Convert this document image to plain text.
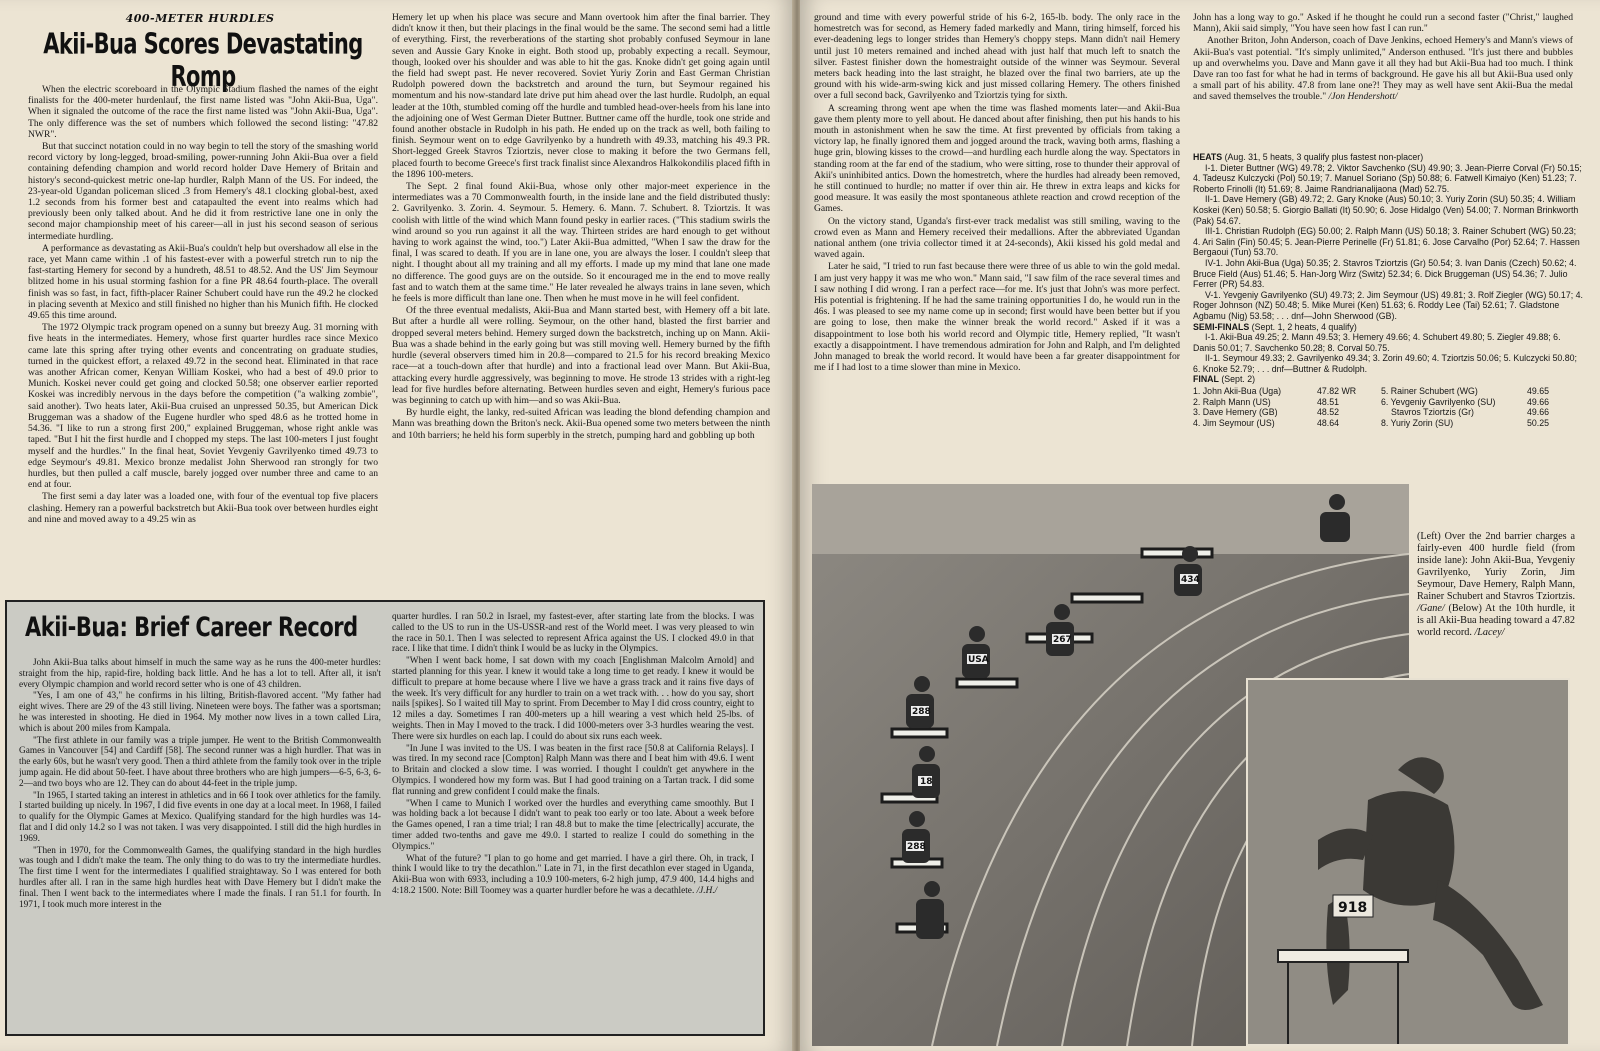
400-METER HURDLES
Akii-Bua Scores Devastating Romp

When the electric scoreboard in the Olympic Stadium flashed the names of the eight finalists for the 400-meter hurdenlauf, the first name listed was "John Akii-Bua, Uga". When it signaled the outcome of the race the first name listed was "John Akii-Bua, Uga". The only difference was the set of numbers which followed the second listing: "47.82 NWR".

But that succinct notation could in no way begin to tell the story of the smashing world record victory by long-legged, broad-smiling, power-running John Akii-Bua over a field containing defending champion and world record holder Dave Hemery of Britain and history's second-quickest metric one-lap hurdler, Ralph Mann of the US. For indeed, the 23-year-old Ugandan policeman sliced .3 from Hemery's 48.1 clocking global-best, axed 1.2 seconds from his former best and catapaulted the event into realms which had previously been only talked about. And he did it from restrictive lane one in only the second major championship meet of his career—all in just his second season of serious intermediate hurdling.

A performance as devastating as Akii-Bua's couldn't help but overshadow all else in the race, yet Mann came within .1 of his fastest-ever with a powerful stretch run to nip the fast-starting Hemery for second by a hundreth, 48.51 to 48.52. And the US' Jim Seymour blitzed home in his usual storming fashion for a fine PR 48.64 fourth-place. The overall finish was so fast, in fact, fifth-placer Rainer Schubert could have run the 49.2 he clocked in placing seventh at Mexico and still finished no higher than his Munich fifth. He clocked 49.65 this time around.

The 1972 Olympic track program opened on a sunny but breezy Aug. 31 morning with five heats in the intermediates. Hemery, whose first quarter hurdles race since Mexico came late this spring after trying other events and concentrating on graduate studies, turned in the quickest effort, a relaxed 49.72 in the second heat. Eliminated in that race was another African comer, Kenyan William Koskei, who had a best of 49.0 prior to Munich. Koskei never could get going and clocked 50.58; one observer earlier reported Koskei was incredibly nervous in the days before the competition ("a walking zombie", said another). Two heats later, Akii-Bua cruised an unpressed 50.35, but American Dick Bruggeman was a shadow of the Eugene hurdler who sped 48.6 as he trotted home in 54.36. "I like to run a strong first 200," explained Bruggeman, whose right ankle was taped. "But I hit the first hurdle and I chopped my steps. The last 100-meters I just fought myself and the hurdles." In the final heat, Soviet Yevgeniy Gavrilyenko timed 49.73 to edge Seymour's 49.81. Mexico bronze medalist John Sherwood ran strongly for two hurdles, but then pulled a calf muscle, barely jogged over number three and came to an end at four.

The first semi a day later was a loaded one, with four of the eventual top five placers clashing. Hemery ran a powerful backstretch but Akii-Bua took over between hurdles eight and nine and moved away to a 49.25 win as

Hemery let up when his place was secure and Mann overtook him after the final barrier. They didn't know it then, but their placings in the final would be the same. The second semi had a little of everything. First, the reverberations of the starting shot probably confused Seymour in lane seven and Aussie Gary Knoke in eight. Both stood up, probably expecting a recall. Seymour, though, looked over his shoulder and was able to hit the gas. Knoke didn't get going again until the field had swept past. He never recovered. Soviet Yuriy Zorin and East German Christian Rudolph powered down the backstretch and around the turn, but Seymour regained his momentum and his now-standard late drive put him ahead over the last hurdle. Rudolph, an equal leader at the 10th, stumbled coming off the hurdle and tumbled head-over-heels from his lane into the adjoining one of West German Dieter Buttner. Buttner came off the hurdle, took one stride and found another obstacle in Rudolph in his path. He ended up on the track as well, both failing to finish. Seymour went on to edge Gavrilyenko by a hundreth with 49.33, matching his 49.3 PR. Short-legged Greek Stavros Tziortzis, never close to making it before the two Germans fell, placed fourth to become Greece's first track finalist since Alexandros Halkokondilis placed fifth in the 1896 100-meters.

The Sept. 2 final found Akii-Bua, whose only other major-meet experience in the intermediates was a 70 Commonwealth fourth, in the inside lane and the field distributed thusly: 2. Gavrilyenko. 3. Zorin. 4. Seymour. 5. Hemery. 6. Mann. 7. Schubert. 8. Tziortzis. It was coolish with little of the wind which Mann found pesky in earlier races. ("This stadium swirls the wind around so you run against it all the way. Thirteen strides are hard enough to get without having to work against the wind, too.") Later Akii-Bua admitted, "When I saw the draw for the final, I was scared to death. If you are in lane one, you are always the loser. I couldn't sleep that night. I thought about all my training and all my efforts. I made up my mind that lane one made no difference. The good guys are on the outside. So it encouraged me in the end to move really fast and to watch them at the same time." He later revealed he always trains in lane seven, which he feels is more difficult than lane one. Then when he must move in he will feel confident.

Of the three eventual medalists, Akii-Bua and Mann started best, with Hemery off a bit late. But after a hurdle all were rolling. Seymour, on the other hand, blasted the first barrier and dropped several meters behind. Hemery surged down the backstretch, inching up on Mann. Akii-Bua was a shade behind in the early going but was still moving well. Hemery burned by the fifth hurdle (several observers timed him in 20.8—compared to 21.5 for his record breaking Mexico race—at a touch-down after that hurdle) and into a fractional lead over Mann. But Akii-Bua, attacking every hurdle aggressively, was beginning to move. He strode 13 strides with a right-leg lead for five hurdles before alternating. Between hurdles seven and eight, Hemery's furious pace was beginning to catch up with him—and so was Akii-Bua.

By hurdle eight, the lanky, red-suited African was leading the blond defending champion and Mann was breathing down the Briton's neck. Akii-Bua opened some two meters between the ninth and 10th barriers; he held his form superbly in the stretch, pumping hard and gobbling up both

Akii-Bua: Brief Career Record

John Akii-Bua talks about himself in much the same way as he runs the 400-meter hurdles: straight from the hip, rapid-fire, holding back little. And he has a lot to tell. After all, it isn't every Olympic champion and world record setter who is one of 43 children.

"Yes, I am one of 43," he confirms in his lilting, British-flavored accent. "My father had eight wives. There are 29 of the 43 still living. Nineteen were boys. The father was a sportsman; he was interested in shooting. He died in 1964. My mother now lives in a town called Lira, which is about 200 miles from Kampala.

"The first athlete in our family was a triple jumper. He went to the British Commonwealth Games in Vancouver [54] and Cardiff [58]. The second runner was a high hurdler. That was in the early 60s, but he wasn't very good. Then a third athlete from the family took over in the triple jump again. He did about 50-feet. I have about three brothers who are high jumpers—6-5, 6-3, 6-2—and two boys who are 12. They can do about 44-feet in the triple jump.

"In 1965, I started taking an interest in athletics and in 66 I took over athletics for the family. I started building up nicely. In 1967, I did five events in one day at a local meet. In 1968, I failed to qualify for the Olympic Games at Mexico. Qualifying standard for the high hurdles was 14-flat and I did only 14.2 so I was not taken. I was very disappointed. I still did the high hurdles in 1969.

"Then in 1970, for the Commonwealth Games, the qualifying standard in the high hurdles was tough and I didn't make the team. The only thing to do was to try the intermediate hurdles. The first time I went for the intermediates I qualified straightaway. So I was entered for both hurdles after all. I ran in the same high hurdles heat with Dave Hemery but I didn't make the final. Then I went back to the intermediates where I made the finals. I ran 51.1 for fourth. In 1971, I took much more interest in the

quarter hurdles. I ran 50.2 in Israel, my fastest-ever, after starting late from the blocks. I was called to the US to run in the US-USSR-and rest of the World meet. I was very pleased to win the race in 50.1. Then I was selected to represent Africa against the US. I clocked 49.0 in that race. I like that time. I didn't think I would be as lucky in the Olympics.

"When I went back home, I sat down with my coach [Englishman Malcolm Arnold] and started planning for this year. I knew it would take a long time to get ready. I knew it would be difficult to prepare at home because where I live we have a grass track and it rains five days of the week. It's very difficult for any hurdler to train on a wet track with. . . how do you say, short nails [spikes]. So I waited till May to sprint. From December to May I did cross country, eight to 12 miles a day. Sometimes I ran 400-meters up a hill wearing a vest which held 25-lbs. of weights. Then in May I moved to the track. I did 1000-meters over 3-3 hurdles wearing the vest. There were six hurdles on each lap. I could do about six runs each week.

"In June I was invited to the US. I was beaten in the first race [50.8 at California Relays]. I was tired. In my second race [Compton] Ralph Mann was there and I beat him with 49.6. I went to Britain and clocked a slow time. I was worried. I thought I couldn't get anywhere in the Olympics. I wondered how my form was. But I had good training on a Tartan track. I did some flat running and grew confident I could make the finals.

"When I came to Munich I worked over the hurdles and everything came smoothly. But I was holding back a lot because I didn't want to peak too early or too late. About a week before the Games opened, I ran a time trial; I ran 48.8 but to make the time [electrically] accurate, the timer added two-tenths and gave me 49.0. I started to realize I could do something in the Olympics."

What of the future? "I plan to go home and get married. I have a girl there. Oh, in track, I think I would like to try the decathlon." Late in 71, in the first decathlon ever staged in Uganda, Akii-Bua won with 6933, including a 10.9 100-meters, 6-2 high jump, 47.9 400, 14.4 highs and 4:18.2 1500. Note: Bill Toomey was a quarter hurdler before he was a decathlete. /J.H./

ground and time with every powerful stride of his 6-2, 165-lb. body. The only race in the homestretch was for second, as Hemery faded markedly and Mann, tiring himself, forced his ever-deadening legs to longer strides than Hemery's choppy steps. Mann didn't nail Hemery until just 10 meters remained and inched ahead with just half that much left to snatch the silver. Fastest finisher down the homestraight outside of the winner was Seymour. Several meters back heading into the last straight, he blazed over the final two barriers, ate up the ground with his wide-arm-swing kick and just missed collaring Hemery. The others finished over a full second back, Gavrilyenko and Tziortzis tying for sixth.

A screaming throng went ape when the time was flashed moments later—and Akii-Bua gave them plenty more to yell about. He danced about after finishing, then put his hands to his mouth in astonishment when he saw the time. At first prevented by officials from taking a victory lap, he finally ignored them and jogged around the track, waving both arms, flashing a huge grin, blowing kisses to the crowd—and hurdling each hurdle along the way. Spectators in standing room at the far end of the stadium, who were sitting, rose to thunder their approval of Akii's uninhibited antics. Down the homestretch, where the hurdles had already been removed, he still continued to hurdle; no matter if over thin air. He threw in extra leaps and kicks for good measure. It was easily the most spontaneous athlete reaction and crowd reception of the Games.

On the victory stand, Uganda's first-ever track medalist was still smiling, waving to the crowd even as Mann and Hemery received their medallions. After the abbreviated Ugandan national anthem (one trivia collector timed it at 24-seconds), Akii kissed his gold medal and waved again.

Later he said, "I tried to run fast because there were three of us able to win the gold medal. I am just very happy it was me who won." Mann said, "I saw film of the race several times and I saw nothing I did wrong. I ran a perfect race—for me. It's just that John's was more perfect. His potential is frightening. If he had the same training opportunities I do, he would run in the 46s. I was pleased to see my name come up in second; first would have been better but if you are going to lose, then make the winner break the world record." Asked if it was a disappointment to lose both his world record and Olympic title, Hemery replied, "It wasn't exactly a disappointment. I have tremendous admiration for John and Ralph, and I'm delighted John managed to break the world record. It would have been a far greater disappointment for me if I had lost to a time slower than mine in Mexico.

John has a long way to go." Asked if he thought he could run a second faster ("Christ," laughed Mann), Akii said simply, "You have seen how fast I can run."

Another Briton, John Anderson, coach of Dave Jenkins, echoed Hemery's and Mann's views of Akii-Bua's vast potential. "It's simply unlimited," Anderson enthused. "It's just there and bubbles up and overwhelms you. Dave and Mann gave it all they had but Akii-Bua had too much. I think Dave ran too fast for what he had in terms of background. He gave his all but Akii-Bua used only a small part of his ability. 47.8 from lane one?! They may as well have sent Akii-Bua the medal and saved themselves the trouble." /Jon Hendershott/

HEATS (Aug. 31, 5 heats, 3 qualify plus fastest non-placer)
I-1. Dieter Buttner (WG) 49.78; 2. Viktor Savchenko (SU) 49.90; 3. Jean-Pierre Corval (Fr) 50.15; 4. Tadeusz Kulczycki (Pol) 50.19; 7. Manuel Soriano (Sp) 50.88; 6. Fatwell Kimaiyo (Ken) 51.23; 7. Roberto Frinolli (It) 51.69; 8. Jaime Randrianalijaona (Mad) 52.75.
II-1. Dave Hemery (GB) 49.72; 2. Gary Knoke (Aus) 50.10; 3. Yuriy Zorin (SU) 50.35; 4. William Koskei (Ken) 50.58; 5. Giorgio Ballati (It) 50.90; 6. Jose Hidalgo (Ven) 54.00; 7. Norman Brinkworth (Pak) 54.67.
III-1. Christian Rudolph (EG) 50.00; 2. Ralph Mann (US) 50.18; 3. Rainer Schubert (WG) 50.23; 4. Ari Salin (Fin) 50.45; 5. Jean-Pierre Perinelle (Fr) 51.81; 6. Jose Carvalho (Por) 52.64; 7. Hassen Bergaoui (Tun) 53.70.
IV-1. John Akii-Bua (Uga) 50.35; 2. Stavros Tziortzis (Gr) 50.54; 3. Ivan Danis (Czech) 50.62; 4. Bruce Field (Aus) 51.46; 5. Han-Jorg Wirz (Switz) 52.34; 6. Dick Bruggeman (US) 54.36; 7. Julio Ferrer (PR) 54.83.
V-1. Yevgeniy Gavrilyenko (SU) 49.73; 2. Jim Seymour (US) 49.81; 3. Rolf Ziegler (WG) 50.17; 4. Roger Johnson (NZ) 50.48; 5. Mike Murei (Ken) 51.63; 6. Roddy Lee (Tai) 52.61; 7. Gladstone Agbamu (Nig) 53.58; . . . dnf—John Sherwood (GB).
SEMI-FINALS (Sept. 1, 2 heats, 4 qualify)
I-1. Akii-Bua 49.25; 2. Mann 49.53; 3. Hemery 49.66; 4. Schubert 49.80; 5. Ziegler 49.88; 6. Danis 50.01; 7. Savchenko 50.28; 8. Corval 50.75.
II-1. Seymour 49.33; 2. Gavrilyenko 49.34; 3. Zorin 49.60; 4. Tziortzis 50.06; 5. Kulczycki 50.80; 6. Knoke 52.79; . . . dnf—Buttner & Rudolph.
FINAL (Sept. 2)
1. John Akii-Bua (Uga)	47.82 WR	5. Rainer Schubert (WG)	49.65
2. Ralph Mann (US)	48.51	6. Yevgeniy Gavrilyenko (SU)	49.66
3. Dave Hemery (GB)	48.52	Stavros Tziortzis (Gr)	49.66
4. Jim Seymour (US)	48.64	8. Yuriy Zorin (SU)	50.25
434
267
USA
288
18
288
(Left) Over the 2nd barrier charges a fairly-even 400 hurdle field (from inside lane): John Akii-Bua, Yevgeniy Gavrilyenko, Yuriy Zorin, Jim Seymour, Dave Hemery, Ralph Mann, Rainer Schubert and Stavros Tziortzis. /Gane/ (Below) At the 10th hurdle, it is all Akii-Bua heading toward a 47.82 world record. /Lacey/
918
